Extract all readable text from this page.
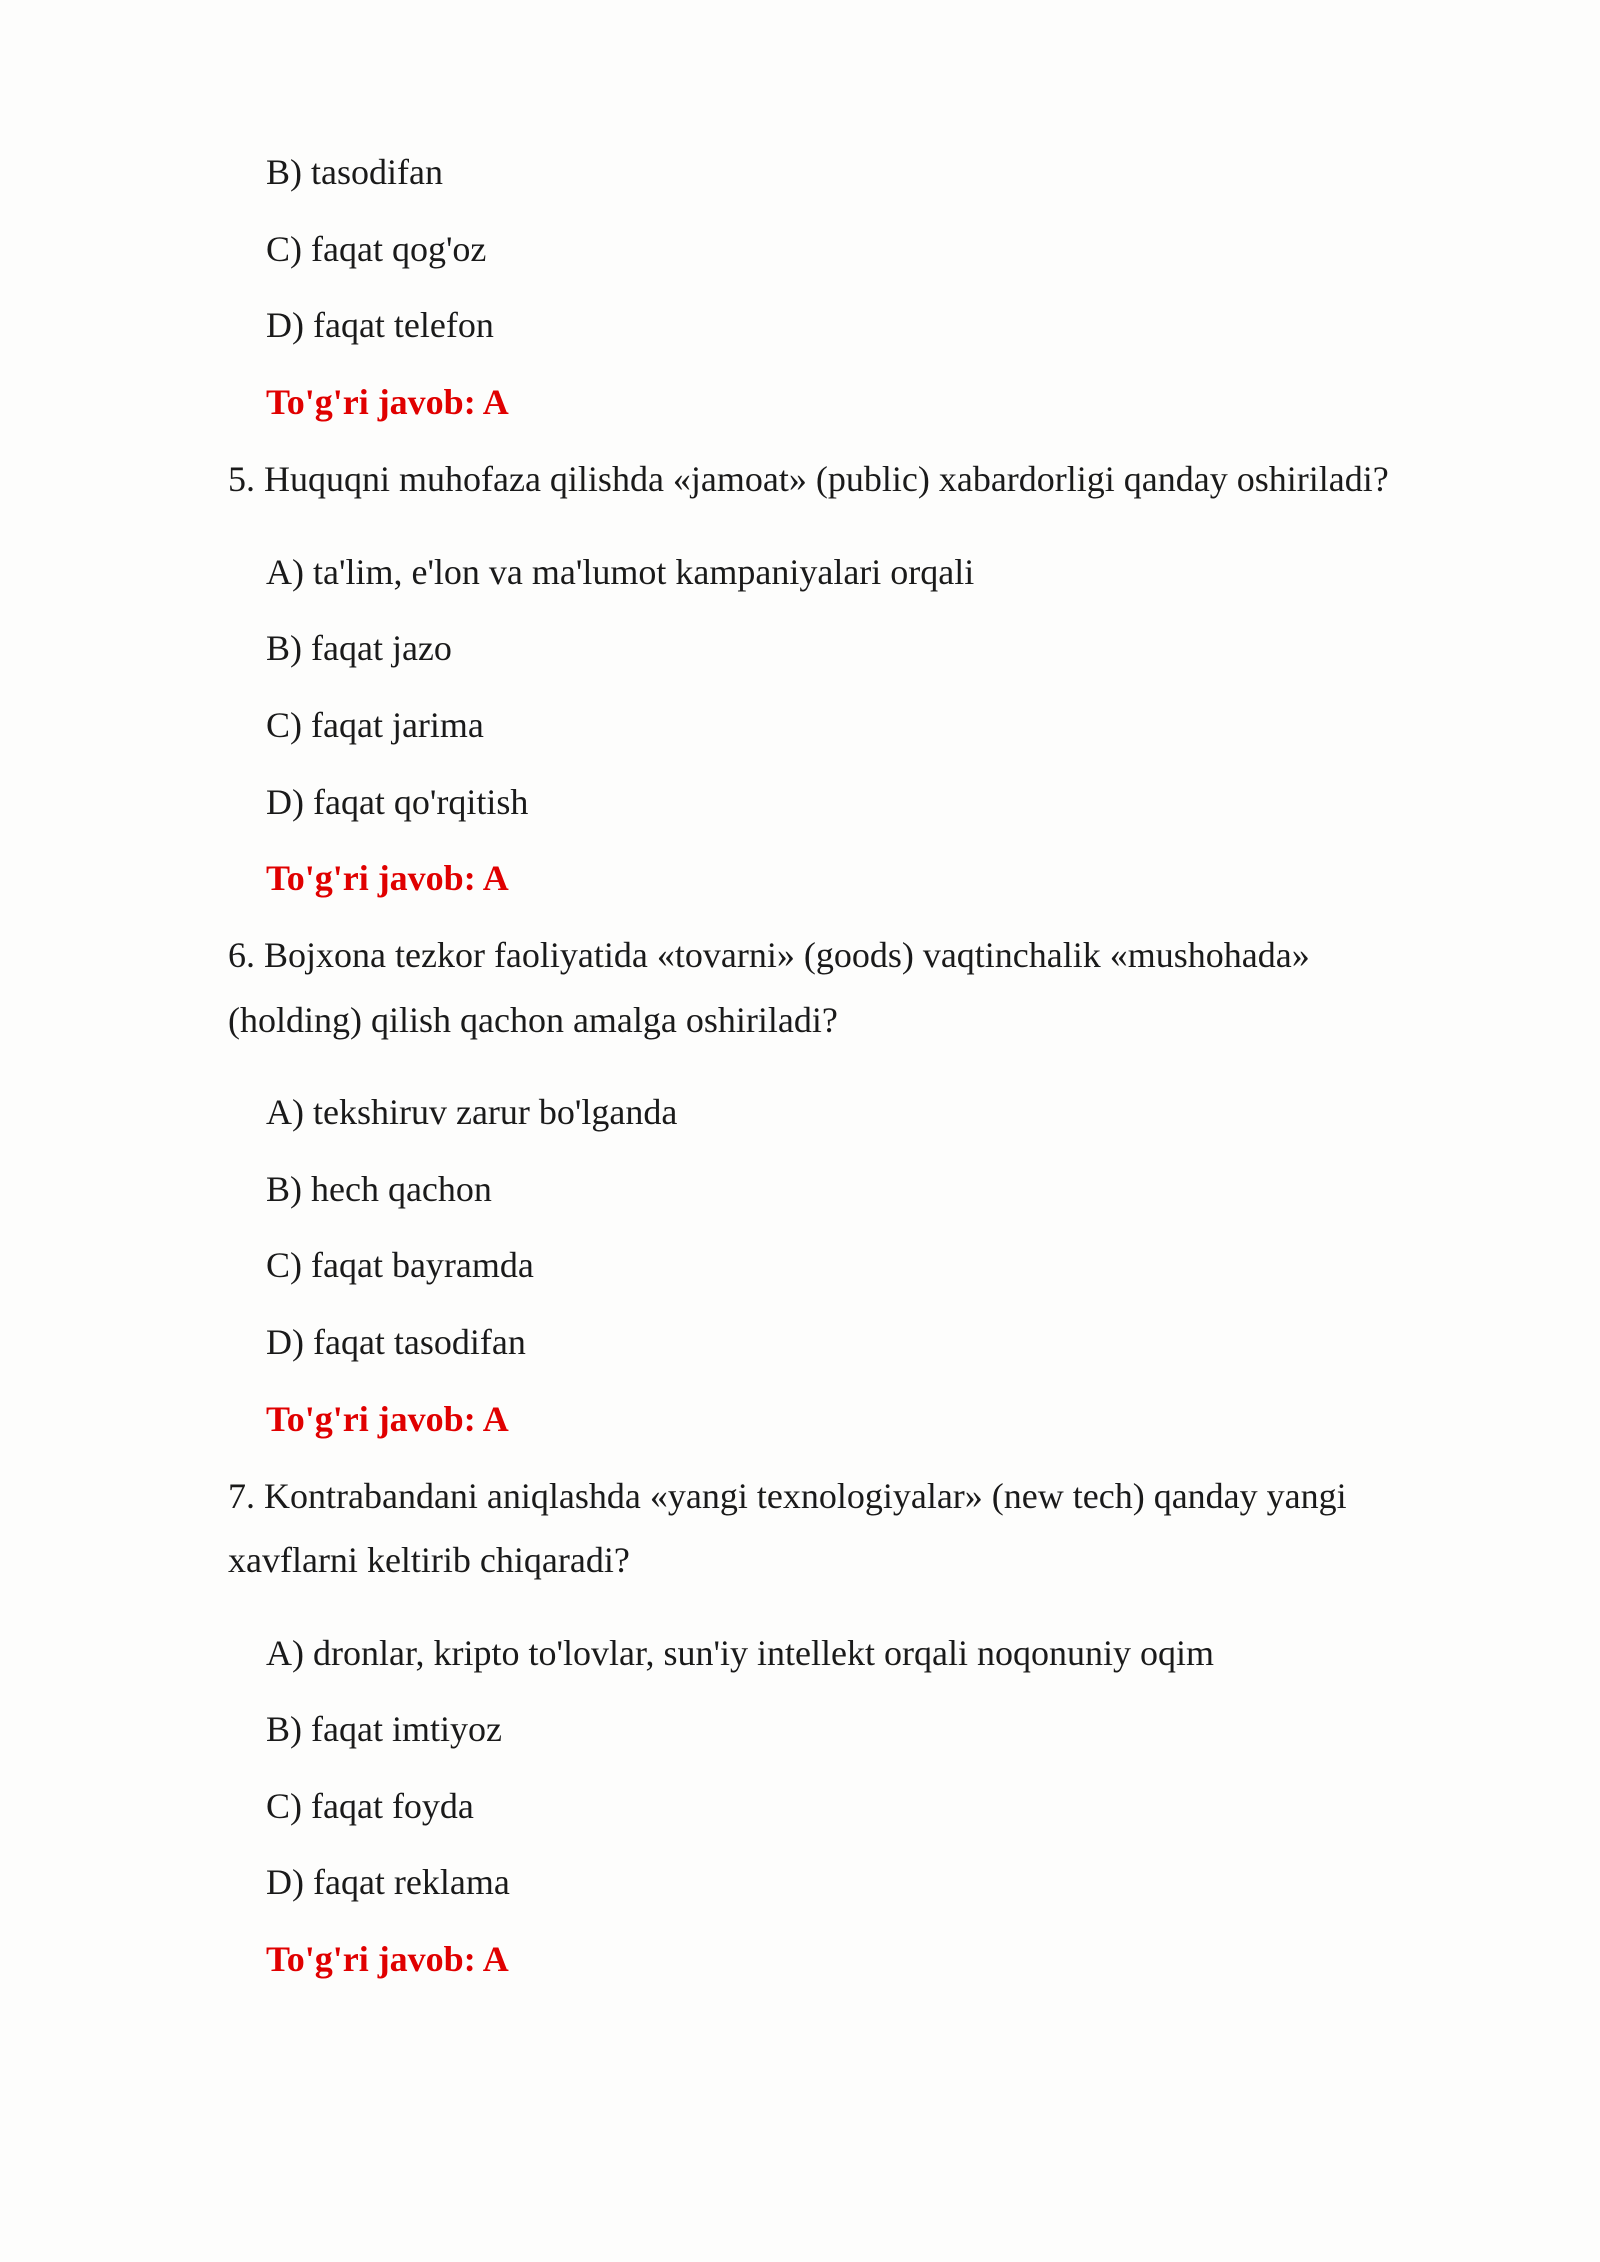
B) tasodifan
C) faqat qog'oz
D) faqat telefon
To'g'ri javob: A
5. Huquqni muhofaza qilishda «jamoat» (public) xabardorligi qanday oshiriladi?
A) ta'lim, e'lon va ma'lumot kampaniyalari orqali
B) faqat jazo
C) faqat jarima
D) faqat qo'rqitish
To'g'ri javob: A
6. Bojxona tezkor faoliyatida «tovarni» (goods) vaqtinchalik «mushohada»
(holding) qilish qachon amalga oshiriladi?
A) tekshiruv zarur bo'lganda
B) hech qachon
C) faqat bayramda
D) faqat tasodifan
To'g'ri javob: A
7. Kontrabandani aniqlashda «yangi texnologiyalar» (new tech) qanday yangi
xavflarni keltirib chiqaradi?
A) dronlar, kripto to'lovlar, sun'iy intellekt orqali noqonuniy oqim
B) faqat imtiyoz
C) faqat foyda
D) faqat reklama
To'g'ri javob: A
